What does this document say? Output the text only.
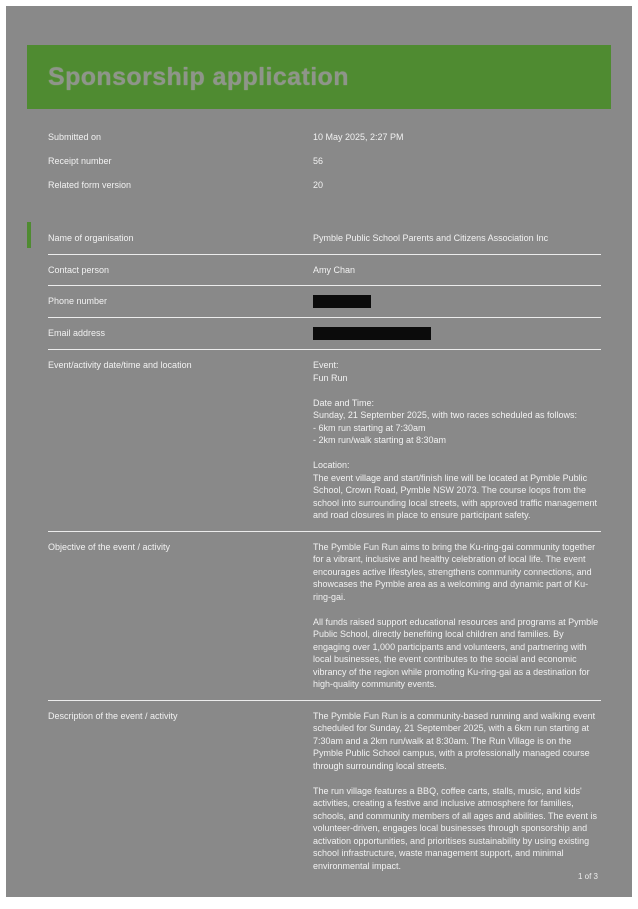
Sponsorship application
Submitted on	10 May 2025, 2:27 PM
Receipt number	56
Related form version	20
Name of organisation	Pymble Public School Parents and Citizens Association Inc
Contact person	Amy Chan
Phone number
Email address
Event/activity date/time and location	Event:
Fun Run

Date and Time:
Sunday, 21 September 2025, with two races scheduled as follows:
- 6km run starting at 7:30am
- 2km run/walk starting at 8:30am

Location:
The event village and start/finish line will be located at Pymble Public School, Crown Road, Pymble NSW 2073. The course loops from the school into surrounding local streets, with approved traffic management and road closures in place to ensure participant safety.
Objective of the event / activity	The Pymble Fun Run aims to bring the Ku-ring-gai community together for a vibrant, inclusive and healthy celebration of local life. The event encourages active lifestyles, strengthens community connections, and showcases the Pymble area as a welcoming and dynamic part of Ku-ring-gai.

All funds raised support educational resources and programs at Pymble Public School, directly benefiting local children and families. By engaging over 1,000 participants and volunteers, and partnering with local businesses, the event contributes to the social and economic vibrancy of the region while promoting Ku-ring-gai as a destination for high-quality community events.
Description of the event / activity	The Pymble Fun Run is a community-based running and walking event scheduled for Sunday, 21 September 2025, with a 6km run starting at 7:30am and a 2km run/walk at 8:30am. The Run Village is on the Pymble Public School campus, with a professionally managed course through surrounding local streets.

The run village features a BBQ, coffee carts, stalls, music, and kids' activities, creating a festive and inclusive atmosphere for families, schools, and community members of all ages and abilities. The event is volunteer-driven, engages local businesses through sponsorship and activation opportunities, and prioritises sustainability by using existing school infrastructure, waste management support, and minimal environmental impact.
1 of 3
